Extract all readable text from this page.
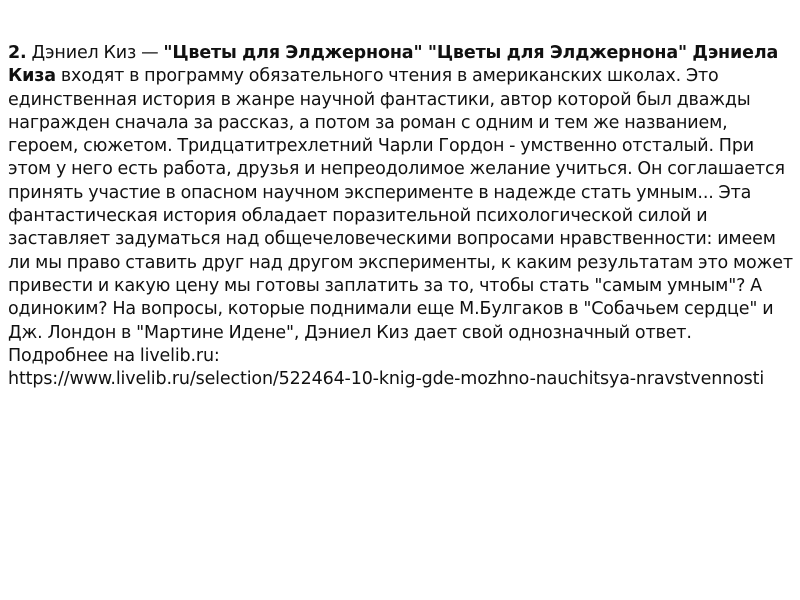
2. Дэниел Киз — "Цветы для Элджернона" "Цветы для Элджернона" Дэниела Киза входят в программу обязательного чтения в американских школах. Это единственная история в жанре научной фантастики, автор которой был дважды награжден сначала за рассказ, а потом за роман с одним и тем же названием, героем, сюжетом. Тридцатитрехлетний Чарли Гордон - умственно отсталый. При этом у него есть работа, друзья и непреодолимое желание учиться. Он соглашается принять участие в опасном научном эксперименте в надежде стать умным... Эта фантастическая история обладает поразительной психологической силой и заставляет задуматься над общечеловеческими вопросами нравственности: имеем ли мы право ставить друг над другом эксперименты, к каким результатам это может привести и какую цену мы готовы заплатить за то, чтобы стать "самым умным"? А одиноким? На вопросы, которые поднимали еще М.Булгаков в "Собачьем сердце" и Дж. Лондон в "Мартине Идене", Дэниел Киз дает свой однозначный ответ. Подробнее на livelib.ru:
https://www.livelib.ru/selection/522464-10-knig-gde-mozhno-nauchitsya-nravstvennosti
